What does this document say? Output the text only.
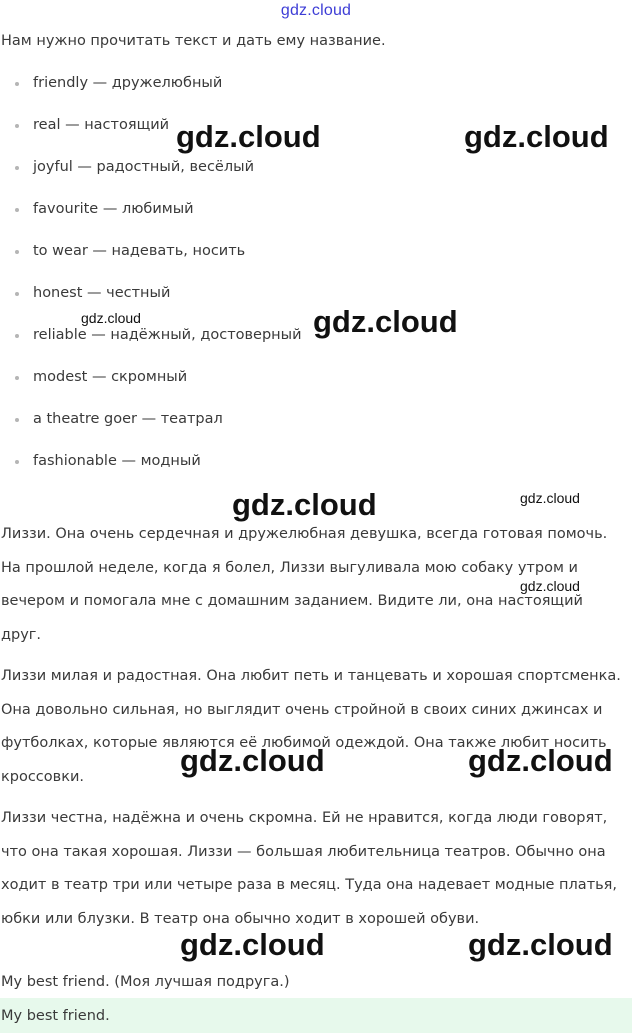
gdz.cloud
Нам нужно прочитать текст и дать ему название.
friendly — дружелюбный
real — настоящий
joyful — радостный, весёлый
favourite — любимый
to wear — надевать, носить
honest — честный
reliable — надёжный, достоверный
modest — скромный
a theatre goer — театрал
fashionable — модный
Лиззи. Она очень сердечная и дружелюбная девушка, всегда готовая помочь.
На прошлой неделе, когда я болел, Лиззи выгуливала мою собаку утром и
вечером и помогала мне с домашним заданием. Видите ли, она настоящий
друг.
Лиззи милая и радостная. Она любит петь и танцевать и хорошая спортсменка.
Она довольно сильная, но выглядит очень стройной в своих синих джинсах и
футболках, которые являются её любимой одеждой. Она также любит носить
кроссовки.
Лиззи честна, надёжна и очень скромна. Ей не нравится, когда люди говорят,
что она такая хорошая. Лиззи — большая любительница театров. Обычно она
ходит в театр три или четыре раза в месяц. Туда она надевает модные платья,
юбки или блузки. В театр она обычно ходит в хорошей обуви.
My best friend. (Моя лучшая подруга.)
My best friend.
gdz.cloud	gdz.cloud
gdz.cloud	gdz.cloud
gdz.cloud	gdz.cloud
gdz.cloud
gdz.cloud	gdz.cloud
gdz.cloud	gdz.cloud
